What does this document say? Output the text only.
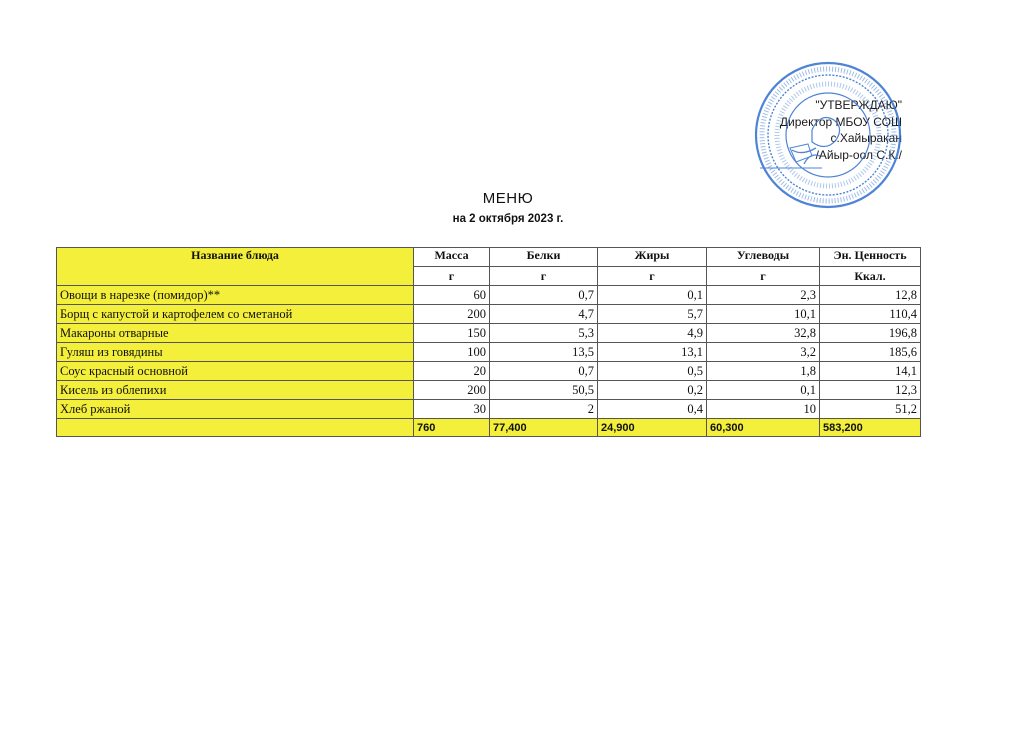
"УТВЕРЖДАЮ"
Директор МБОУ СОШ
с.Хайыракан
/Айыр-оол С.К./
МЕНЮ
на 2 октября 2023 г.
Название блюда	Масса	Белки	Жиры	Углеводы	Эн. Ценность
	г	г	г	г	Ккал.
Овощи в нарезке (помидор)**	60	0,7	0,1	2,3	12,8
Борщ с капустой и картофелем со сметаной	200	4,7	5,7	10,1	110,4
Макароны отварные	150	5,3	4,9	32,8	196,8
Гуляш из говядины	100	13,5	13,1	3,2	185,6
Соус красный основной	20	0,7	0,5	1,8	14,1
Кисель из облепихи	200	50,5	0,2	0,1	12,3
Хлеб ржаной	30	2	0,4	10	51,2
	760	77,400	24,900	60,300	583,200
